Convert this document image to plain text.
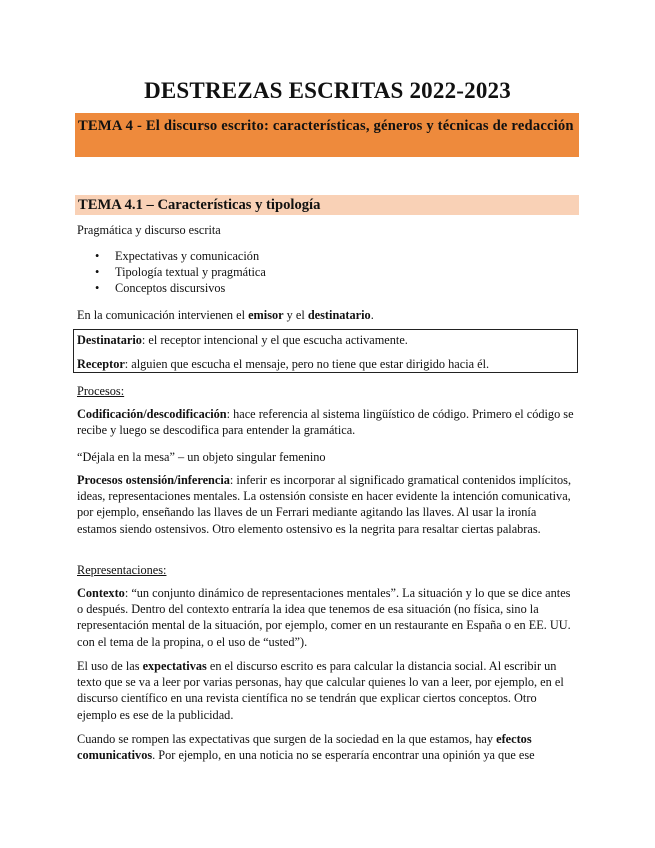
DESTREZAS ESCRITAS 2022-2023
TEMA 4 - El discurso escrito: características, géneros y técnicas de redacción
TEMA 4.1 – Características y tipología
Pragmática y discurso escrita
• Expectativas y comunicación
• Tipología textual y pragmática
• Conceptos discursivos
En la comunicación intervienen el emisor y el destinatario.
Destinatario: el receptor intencional y el que escucha activamente.
Receptor: alguien que escucha el mensaje, pero no tiene que estar dirigido hacia él.
Procesos:
Codificación/descodificación: hace referencia al sistema lingüístico de código. Primero el código se recibe y luego se descodifica para entender la gramática.
“Déjala en la mesa” – un objeto singular femenino
Procesos ostensión/inferencia: inferir es incorporar al significado gramatical contenidos implícitos, ideas, representaciones mentales. La ostensión consiste en hacer evidente la intención comunicativa, por ejemplo, enseñando las llaves de un Ferrari mediante agitando las llaves. Al usar la ironía estamos siendo ostensivos. Otro elemento ostensivo es la negrita para resaltar ciertas palabras.
Representaciones:
Contexto: “un conjunto dinámico de representaciones mentales”. La situación y lo que se dice antes o después. Dentro del contexto entraría la idea que tenemos de esa situación (no física, sino la representación mental de la situación, por ejemplo, comer en un restaurante en España o en EE. UU. con el tema de la propina, o el uso de “usted”).
El uso de las expectativas en el discurso escrito es para calcular la distancia social. Al escribir un texto que se va a leer por varias personas, hay que calcular quienes lo van a leer, por ejemplo, en el discurso científico en una revista científica no se tendrán que explicar ciertos conceptos. Otro ejemplo es ese de la publicidad.
Cuando se rompen las expectativas que surgen de la sociedad en la que estamos, hay efectos comunicativos. Por ejemplo, en una noticia no se esperaría encontrar una opinión ya que ese
